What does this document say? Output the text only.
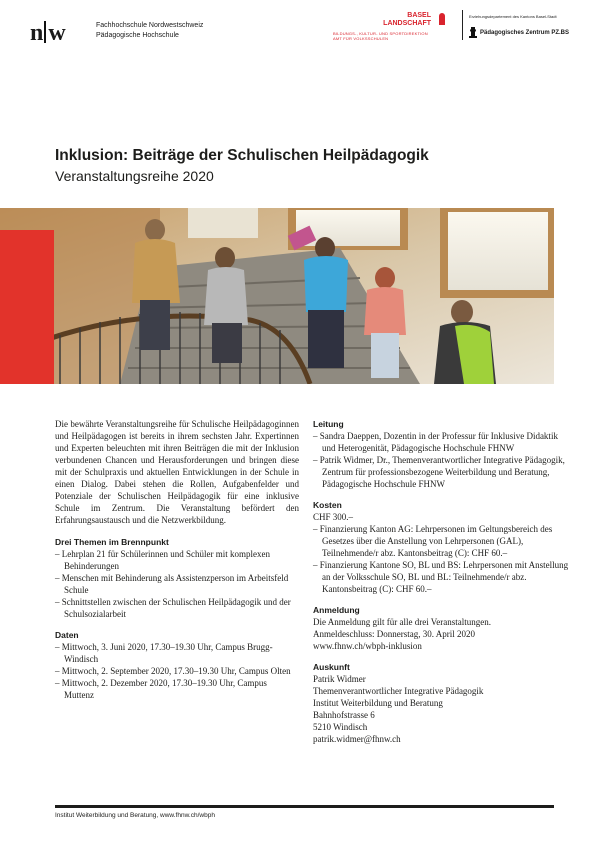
n w	Fachhochschule Nordwestschweiz
Pädagogische Hochschule
BASEL
LANDSCHAFT
BILDUNGS-, KULTUR- UND SPORTDIREKTION
AMT FÜR VOLKSSCHULEN
Erziehungsdepartement des Kantons Basel-Stadt
Pädagogisches Zentrum PZ.BS
Inklusion: Beiträge der Schulischen Heilpädagogik
Veranstaltungsreihe 2020

Die bewährte Veranstaltungsreihe für Schulische Heilpädagoginnen und Heilpädagogen ist bereits in ihrem sechsten Jahr. Expertinnen und Experten beleuchten mit ihren Beiträgen die mit der Inklusion verbundenen Chancen und Herausforderungen und bringen diese mit der Schulpraxis und aktuellen Entwicklungen in der Schule in einen Dialog. Dabei stehen die Rollen, Aufgabenfelder und Potenziale der Schulischen Heilpädagogik für eine inklusive Schule im Zentrum. Die Veranstaltung befördert den Erfahrungsaustausch und die Netzwerkbildung.

Drei Themen im Brennpunkt

– Lehrplan 21 für Schülerinnen und Schüler mit komplexen Behinderungen

– Menschen mit Behinderung als Assistenzperson im Arbeitsfeld Schule

– Schnittstellen zwischen der Schulischen Heilpädagogik und der Schulsozialarbeit

Daten

– Mittwoch, 3. Juni 2020, 17.30–19.30 Uhr, Campus Brugg-Windisch

– Mittwoch, 2. September 2020, 17.30–19.30 Uhr, Campus Olten

– Mittwoch, 2. Dezember 2020, 17.30–19.30 Uhr, Campus Muttenz

Leitung

– Sandra Daeppen, Dozentin in der Professur für Inklusive Didaktik und Heterogenität, Pädagogische Hochschule FHNW

– Patrik Widmer, Dr., Themenverantwortlicher Integrative Pädagogik, Zentrum für professionsbezogene Weiterbildung und Beratung, Pädagogische Hochschule FHNW

Kosten

CHF 300.–

– Finanzierung Kanton AG: Lehrpersonen im Geltungsbereich des Gesetzes über die Anstellung von Lehrpersonen (GAL), Teilnehmende/r abz. Kantonsbeitrag (C): CHF 60.–

– Finanzierung Kantone SO, BL und BS: Lehrpersonen mit Anstellung an der Volksschule SO, BL und BL: Teilnehmende/r abz. Kantonsbeitrag (C): CHF 60.–

Anmeldung

Die Anmeldung gilt für alle drei Veranstaltungen.

Anmeldeschluss: Donnerstag, 30. April 2020

www.fhnw.ch/wbph-inklusion

Auskunft

Patrik Widmer

Themenverantwortlicher Integrative Pädagogik

Institut Weiterbildung und Beratung

Bahnhofstrasse 6

5210 Windisch

patrik.widmer@fhnw.ch

Institut Weiterbildung und Beratung, www.fhnw.ch/wbph
